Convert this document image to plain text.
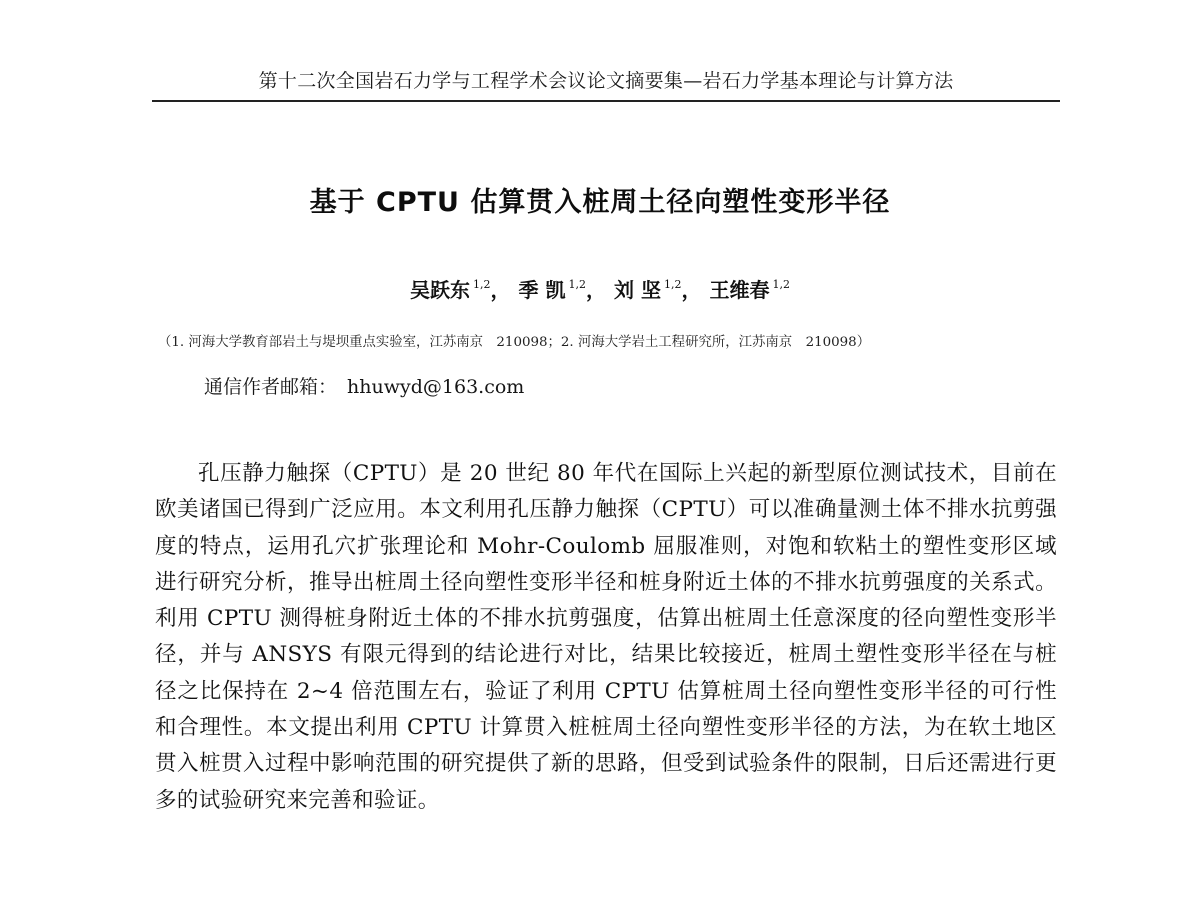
第十二次全国岩石力学与工程学术会议论文摘要集—岩石力学基本理论与计算方法
基于 CPTU 估算贯入桩周土径向塑性变形半径
吴跃东 $^{1,2}$， 季 凯 $^{1,2}$， 刘 坚 $^{1,2}$， 王维春 $^{1,2}$
（1. 河海大学教育部岩土与堤坝重点实验室，江苏南京　210098；2. 河海大学岩土工程研究所，江苏南京　210098）
通信作者邮箱： hhuwyd@163.com

孔压静力触探（CPTU）是 20 世纪 80 年代在国际上兴起的新型原位测试技术，目前在欧美诸国已得到广泛应用。本文利用孔压静力触探（CPTU）可以准确量测土体不排水抗剪强度的特点，运用孔穴扩张理论和 Mohr-Coulomb 屈服准则，对饱和软粘土的塑性变形区域进行研究分析，推导出桩周土径向塑性变形半径和桩身附近土体的不排水抗剪强度的关系式。利用 CPTU 测得桩身附近土体的不排水抗剪强度，估算出桩周土任意深度的径向塑性变形半径，并与 ANSYS 有限元得到的结论进行对比，结果比较接近，桩周土塑性变形半径在与桩径之比保持在 2~4 倍范围左右，验证了利用 CPTU 估算桩周土径向塑性变形半径的可行性和合理性。本文提出利用 CPTU 计算贯入桩桩周土径向塑性变形半径的方法，为在软土地区贯入桩贯入过程中影响范围的研究提供了新的思路，但受到试验条件的限制，日后还需进行更多的试验研究来完善和验证。
